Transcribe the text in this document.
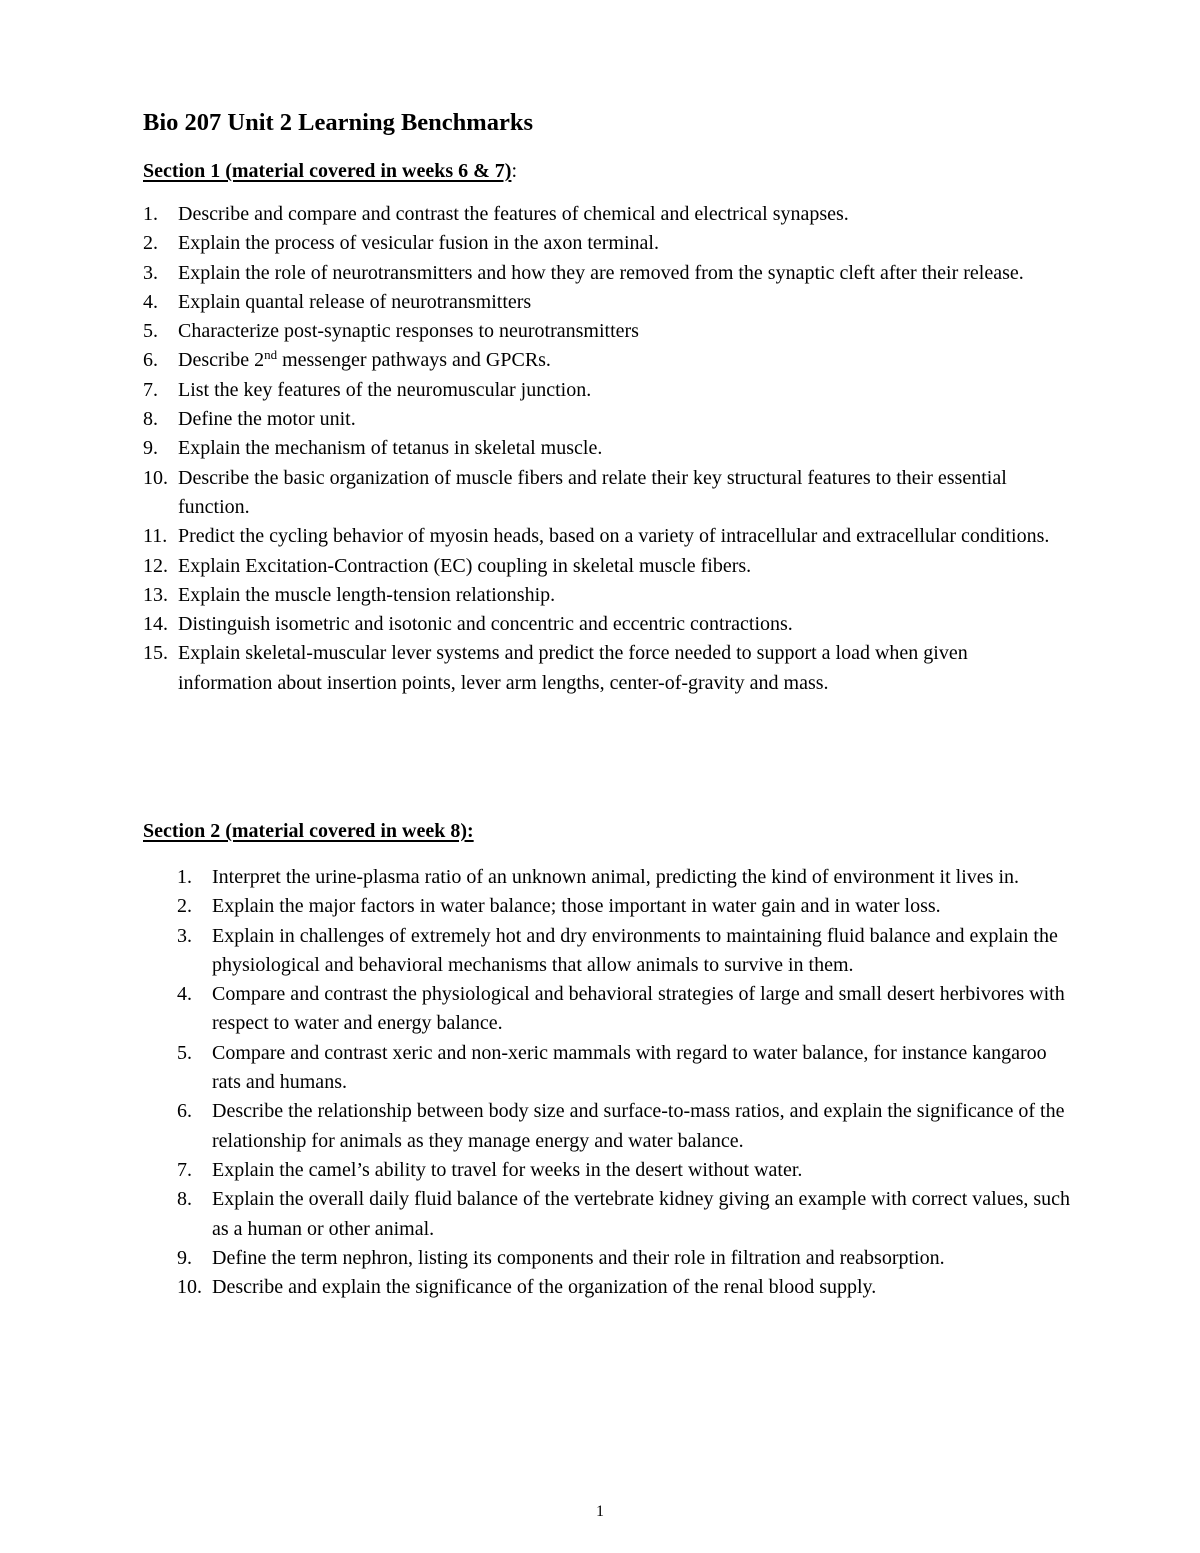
Bio 207 Unit 2 Learning Benchmarks

Section 1 (material covered in weeks 6 & 7):

1. Describe and compare and contrast the features of chemical and electrical synapses.
2. Explain the process of vesicular fusion in the axon terminal.
3. Explain the role of neurotransmitters and how they are removed from the synaptic cleft after their release.
4. Explain quantal release of neurotransmitters
5. Characterize post-synaptic responses to neurotransmitters
6. Describe 2nd messenger pathways and GPCRs.
7. List the key features of the neuromuscular junction.
8. Define the motor unit.
9. Explain the mechanism of tetanus in skeletal muscle.
10. Describe the basic organization of muscle fibers and relate their key structural features to their essential function.
11. Predict the cycling behavior of myosin heads, based on a variety of intracellular and extracellular conditions.
12. Explain Excitation-Contraction (EC) coupling in skeletal muscle fibers.
13. Explain the muscle length-tension relationship.
14. Distinguish isometric and isotonic and concentric and eccentric contractions.
15. Explain skeletal-muscular lever systems and predict the force needed to support a load when given information about insertion points, lever arm lengths, center-of-gravity and mass.

Section 2 (material covered in week 8):

1. Interpret the urine-plasma ratio of an unknown animal, predicting the kind of environment it lives in.
2. Explain the major factors in water balance; those important in water gain and in water loss.
3. Explain in challenges of extremely hot and dry environments to maintaining fluid balance and explain the physiological and behavioral mechanisms that allow animals to survive in them.
4. Compare and contrast the physiological and behavioral strategies of large and small desert herbivores with respect to water and energy balance.
5. Compare and contrast xeric and non-xeric mammals with regard to water balance, for instance kangaroo rats and humans.
6. Describe the relationship between body size and surface-to-mass ratios, and explain the significance of the relationship for animals as they manage energy and water balance.
7. Explain the camel’s ability to travel for weeks in the desert without water.
8. Explain the overall daily fluid balance of the vertebrate kidney giving an example with correct values, such as a human or other animal.
9. Define the term nephron, listing its components and their role in filtration and reabsorption.
10. Describe and explain the significance of the organization of the renal blood supply.
1
